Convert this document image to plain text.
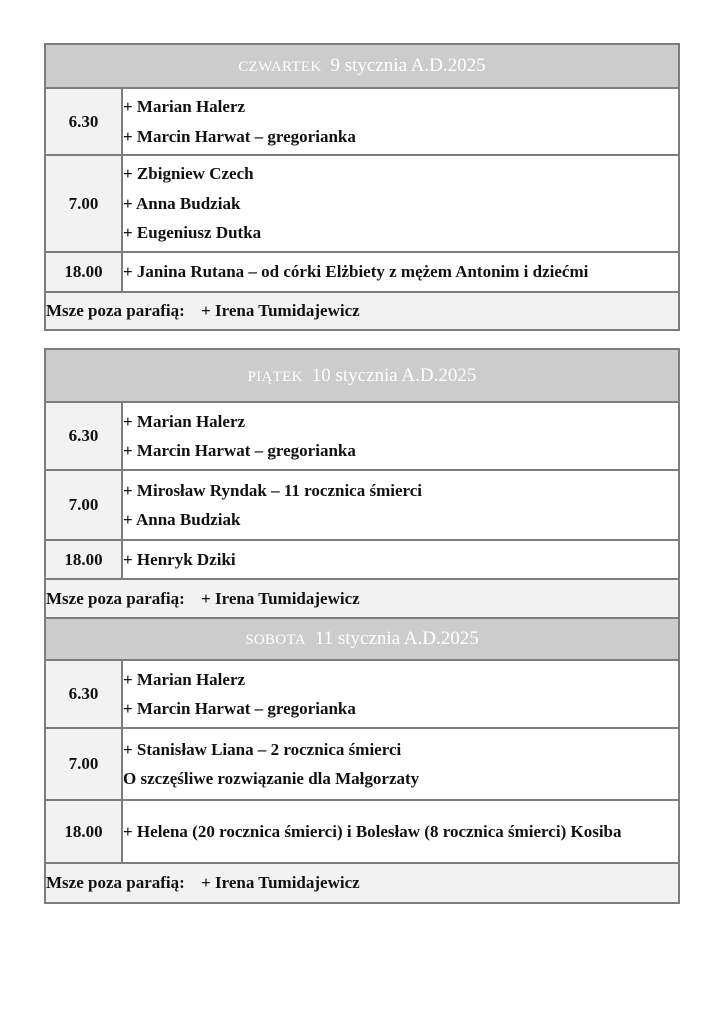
CZWARTEK 9 stycznia A.D.2025	
6.30	+ Marian Halerz
+ Marcin Harwat – gregorianka

7.00	+ Zbigniew Czech
+ Anna Budziak
+ Eugeniusz Dutka

18.00	+ Janina Rutana – od córki Elżbiety z mężem Antonim i dziećmi

Msze poza parafią: + Irena Tumidajewicz	
PIĄTEK 10 stycznia A.D.2025	
6.30	+ Marian Halerz
+ Marcin Harwat – gregorianka

7.00	+ Mirosław Ryndak – 11 rocznica śmierci
+ Anna Budziak

18.00	+ Henryk Dziki

Msze poza parafią: + Irena Tumidajewicz	
SOBOTA 11 stycznia A.D.2025	
6.30	+ Marian Halerz
+ Marcin Harwat – gregorianka

7.00	+ Stanisław Liana – 2 rocznica śmierci
O szczęśliwe rozwiązanie dla Małgorzaty

18.00	+ Helena (20 rocznica śmierci) i Bolesław (8 rocznica śmierci) Kosiba

Msze poza parafią: + Irena Tumidajewicz	
